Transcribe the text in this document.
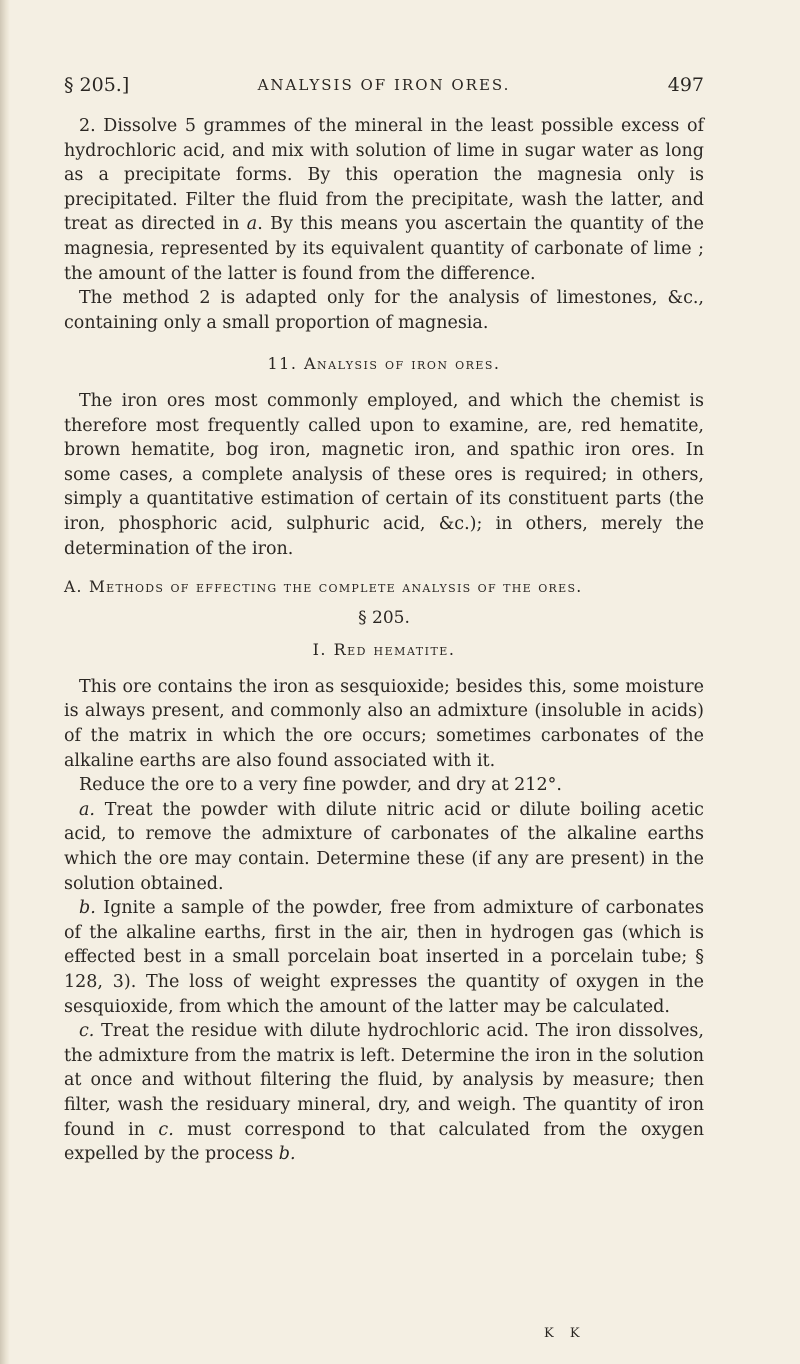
§ 205.]	ANALYSIS OF IRON ORES.	497

2. Dissolve 5 grammes of the mineral in the least possible excess of hydrochloric acid, and mix with solution of lime in sugar water as long as a precipitate forms. By this operation the magnesia only is precipitated. Filter the fluid from the precipitate, wash the latter, and treat as directed in a. By this means you ascertain the quantity of the magnesia, represented by its equivalent quantity of carbonate of lime ; the amount of the latter is found from the difference.

The method 2 is adapted only for the analysis of limestones, &c., containing only a small proportion of magnesia.

11. Analysis of iron ores.

The iron ores most commonly employed, and which the chemist is therefore most frequently called upon to examine, are, red hematite, brown hematite, bog iron, magnetic iron, and spathic iron ores. In some cases, a complete analysis of these ores is required; in others, simply a quantitative estimation of certain of its constituent parts (the iron, phosphoric acid, sulphuric acid, &c.); in others, merely the determination of the iron.

A. Methods of effecting the complete analysis of the ores.
§ 205.
I. Red hematite.

This ore contains the iron as sesquioxide; besides this, some moisture is always present, and commonly also an admixture (insoluble in acids) of the matrix in which the ore occurs; sometimes carbonates of the alkaline earths are also found associated with it.

Reduce the ore to a very fine powder, and dry at 212°.

a. Treat the powder with dilute nitric acid or dilute boiling acetic acid, to remove the admixture of carbonates of the alkaline earths which the ore may contain. Determine these (if any are present) in the solution obtained.

b. Ignite a sample of the powder, free from admixture of carbonates of the alkaline earths, first in the air, then in hydrogen gas (which is effected best in a small porcelain boat inserted in a porcelain tube; § 128, 3). The loss of weight expresses the quantity of oxygen in the sesquioxide, from which the amount of the latter may be calculated.

c. Treat the residue with dilute hydrochloric acid. The iron dissolves, the admixture from the matrix is left. Determine the iron in the solution at once and without filtering the fluid, by analysis by measure; then filter, wash the residuary mineral, dry, and weigh. The quantity of iron found in c. must correspond to that calculated from the oxygen expelled by the process b.

K K
